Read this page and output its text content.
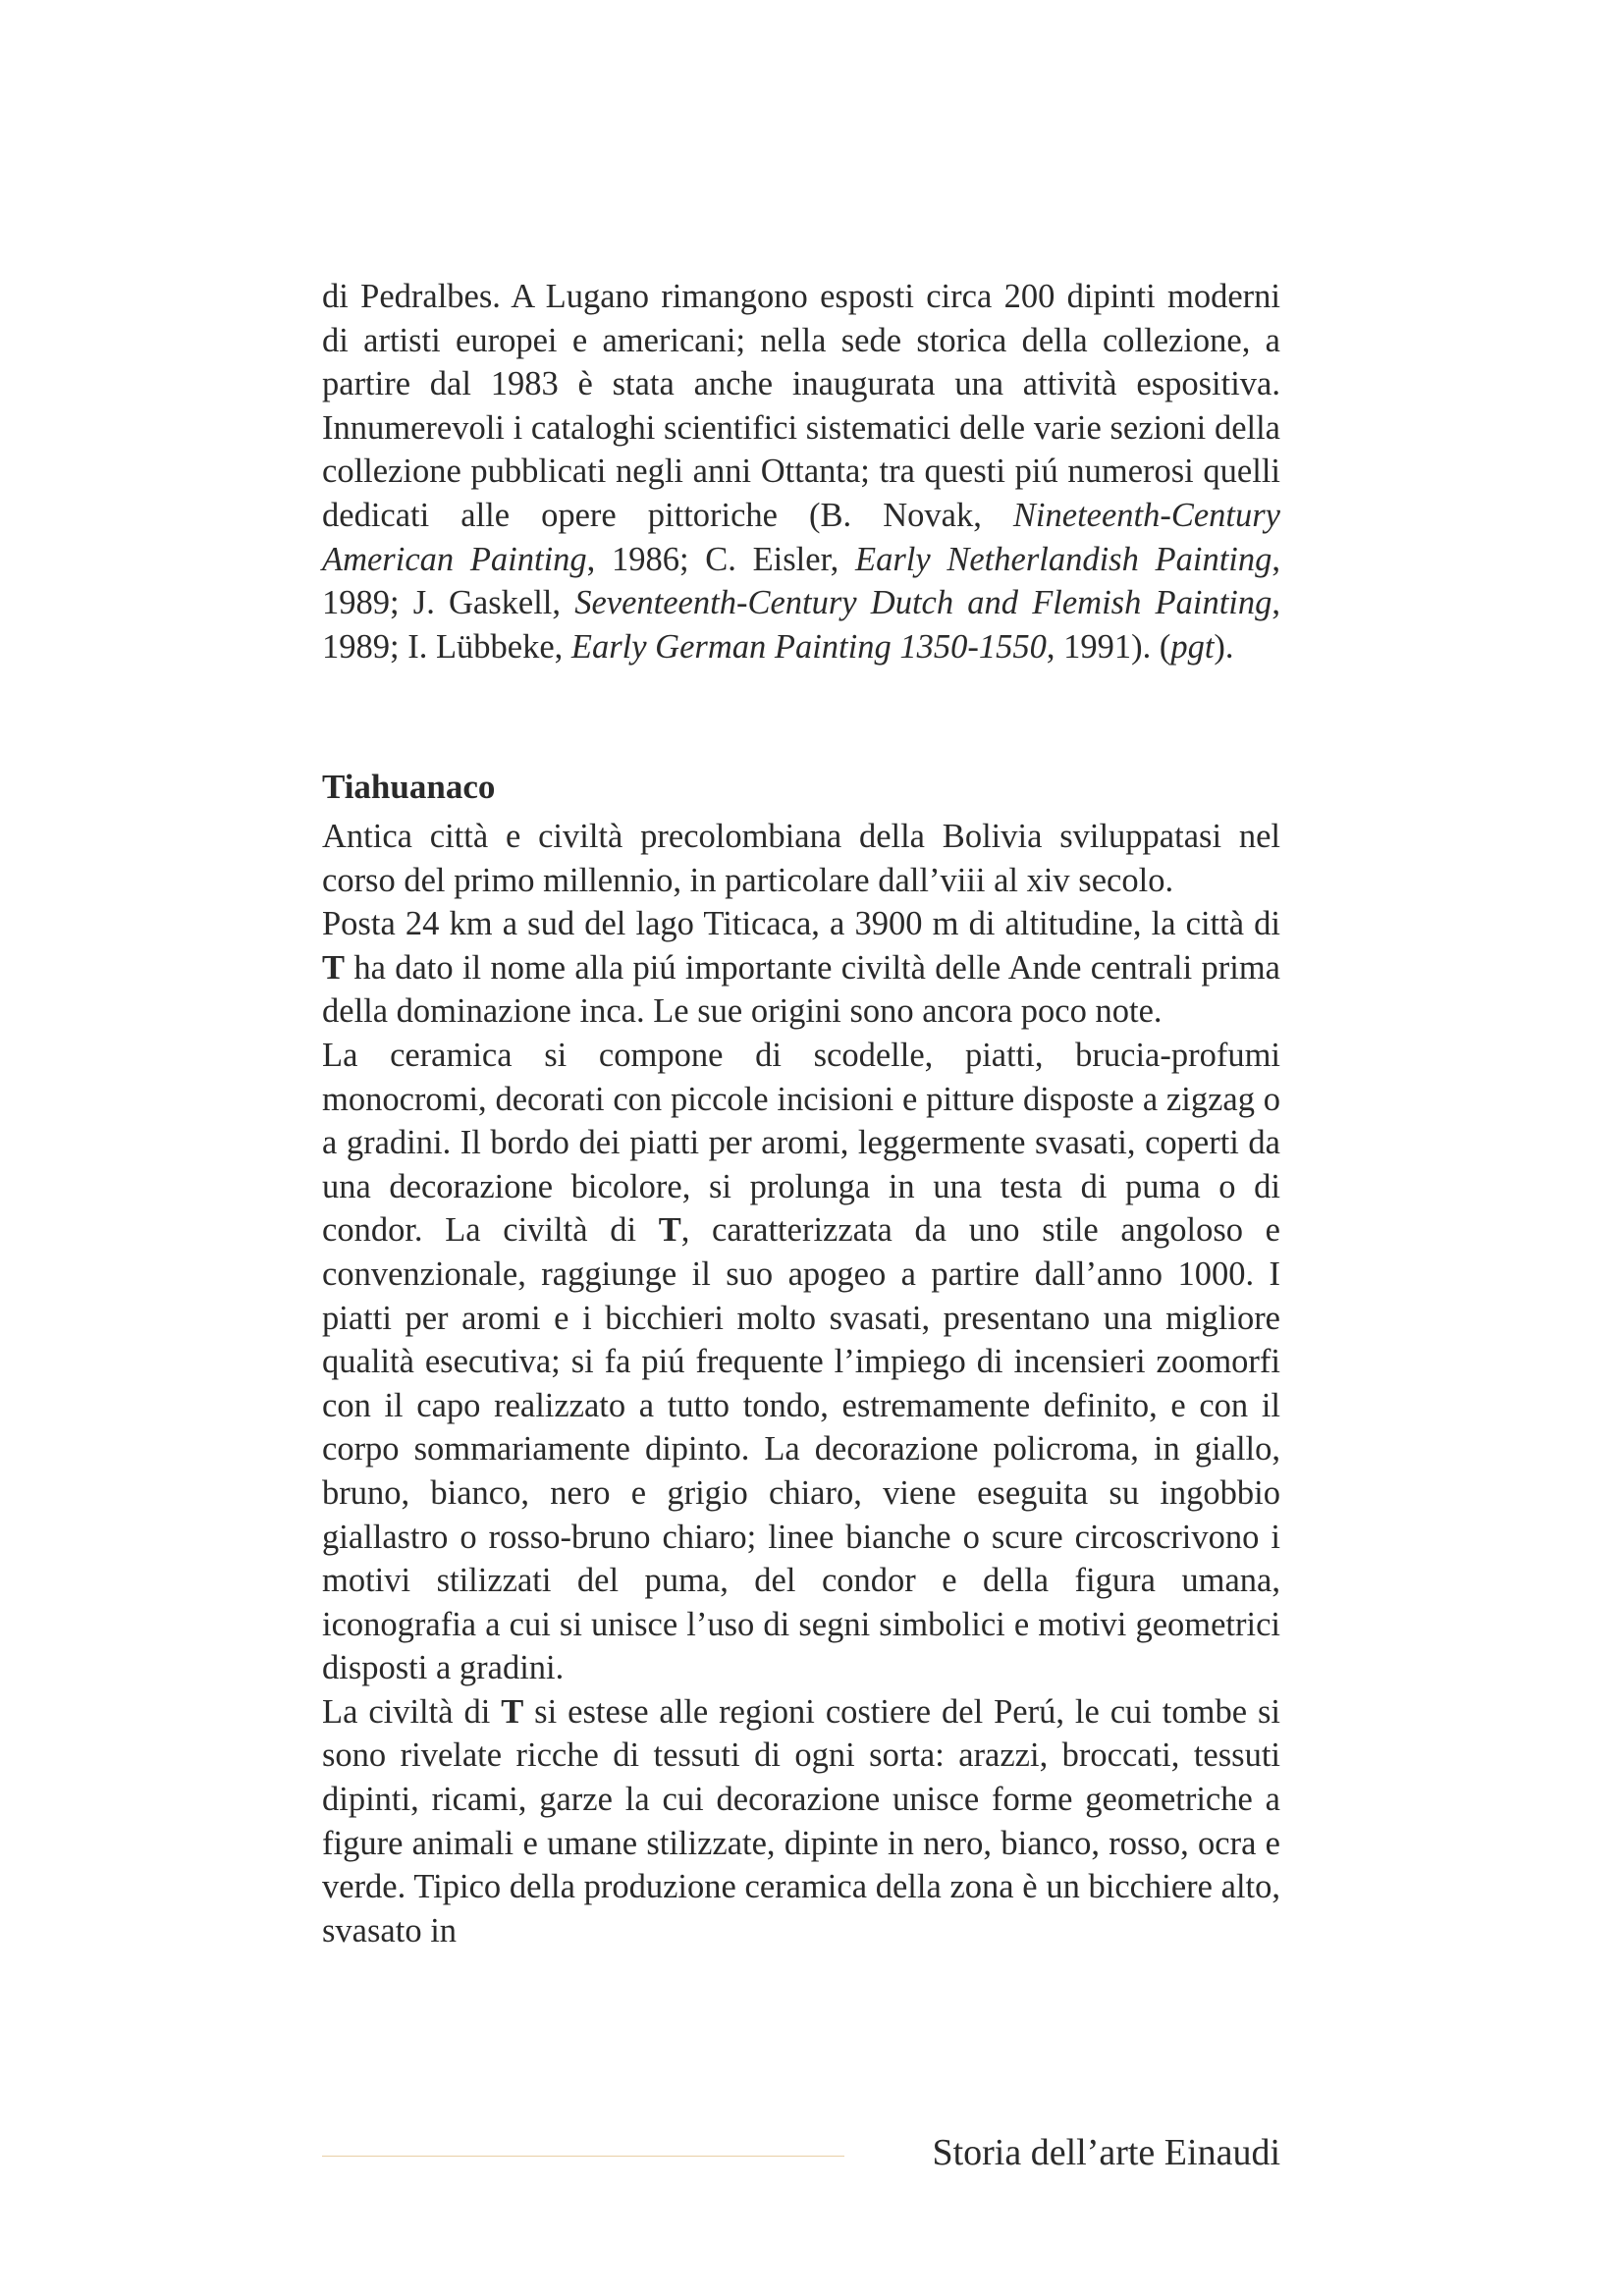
di Pedralbes. A Lugano rimangono esposti circa 200 dipinti moderni di artisti europei e americani; nella sede storica della collezione, a partire dal 1983 è stata anche inaugurata una attività espositiva. Innumerevoli i cataloghi scientifici sistematici delle varie sezioni della collezione pubblicati negli anni Ottanta; tra questi piú numerosi quelli dedicati alle opere pittoriche (B. Novak, Nineteenth-Century American Painting, 1986; C. Eisler, Early Netherlandish Painting, 1989; J. Gaskell, Seventeenth-Century Dutch and Flemish Painting, 1989; I. Lübbeke, Early German Painting 1350-1550, 1991). (pgt).

Tiahuanaco

Antica città e civiltà precolombiana della Bolivia sviluppatasi nel corso del primo millennio, in particolare dall’viii al xiv secolo.

Posta 24 km a sud del lago Titicaca, a 3900 m di altitudine, la città di T ha dato il nome alla piú importante civiltà delle Ande centrali prima della dominazione inca. Le sue origini sono ancora poco note.

La ceramica si compone di scodelle, piatti, brucia-profumi monocromi, decorati con piccole incisioni e pitture disposte a zigzag o a gradini. Il bordo dei piatti per aromi, leggermente svasati, coperti da una decorazione bicolore, si prolunga in una testa di puma o di condor. La civiltà di T, caratterizzata da uno stile angoloso e convenzionale, raggiunge il suo apogeo a partire dall’anno 1000. I piatti per aromi e i bicchieri molto svasati, presentano una migliore qualità esecutiva; si fa piú frequente l’impiego di incensieri zoomorfi con il capo realizzato a tutto tondo, estremamente definito, e con il corpo sommariamente dipinto. La decorazione policroma, in giallo, bruno, bianco, nero e grigio chiaro, viene eseguita su ingobbio giallastro o rosso-bruno chiaro; linee bianche o scure circoscrivono i motivi stilizzati del puma, del condor e della figura umana, iconografia a cui si unisce l’uso di segni simbolici e motivi geometrici disposti a gradini.

La civiltà di T si estese alle regioni costiere del Perú, le cui tombe si sono rivelate ricche di tessuti di ogni sorta: arazzi, broccati, tessuti dipinti, ricami, garze la cui decorazione unisce forme geometriche a figure animali e umane stilizzate, dipinte in nero, bianco, rosso, ocra e verde. Tipico della produzione ceramica della zona è un bicchiere alto, svasato in

Storia dell’arte Einaudi
